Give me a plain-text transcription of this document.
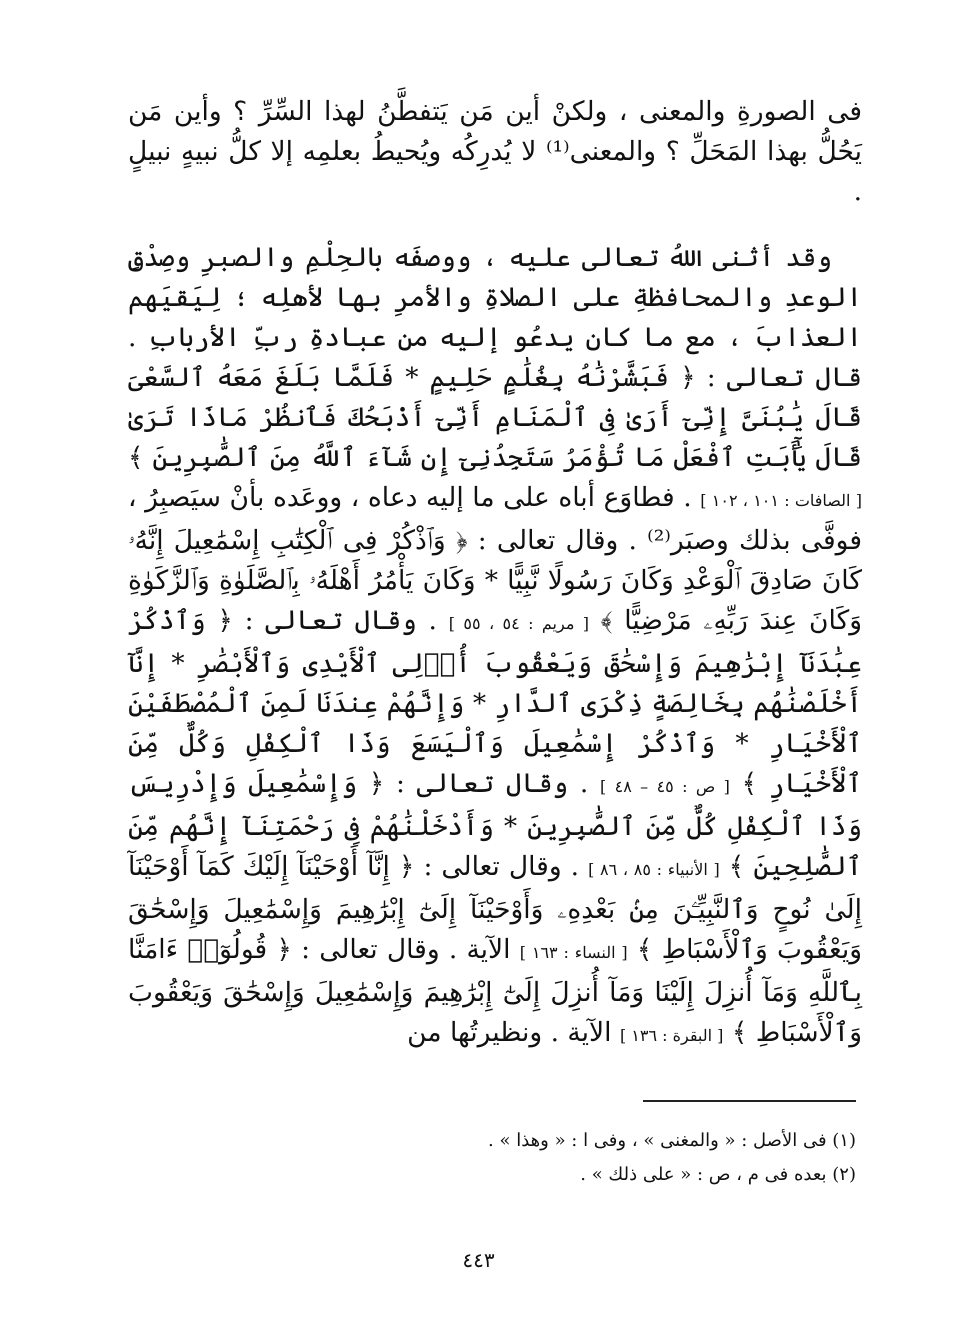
فى الصورةِ والمعنى ، ولكنْ أين مَن يَتفطَّنُ لهذا السِّرِّ ؟ وأين مَن يَحُلُّ بهذا المَحَلِّ ؟ والمعنى⁽¹⁾ لا يُدرِكُه ويُحيطُ بعلمِه إلا كلُّ نبيهٍ نبيلٍ .

وقد أثنى اللهُ تعالى عليه ، ووصفَه بالحِلْمِ والصبرِ وصِدْقِ الوعدِ والمحافظةِ على الصلاةِ والأمرِ بها لأهلِه ؛ لِيَقيَهم العذابَ ، مع ما كان يدعُو إليه من عبادةِ ربِّ الأربابِ . قال تعالى : ﴿ فَبَشَّرْنَٰهُ بِغُلَٰمٍ حَلِيمٍ * فَلَمَّا بَلَغَ مَعَهُ ٱلسَّعْىَ قَالَ يَٰبُنَىَّ إِنِّىٓ أَرَىٰ فِى ٱلْمَنَامِ أَنِّىٓ أَذْبَحُكَ فَٱنظُرْ مَاذَا تَرَىٰ قَالَ يَٰٓأَبَتِ ٱفْعَلْ مَا تُؤْمَرُ سَتَجِدُنِىٓ إِن شَآءَ ٱللَّهُ مِنَ ٱلصَّٰبِرِينَ ﴾ [ الصافات : ١٠١ ، ١٠٢ ] . فطاوَع أباه على ما إليه دعاه ، ووعَده بأنْ سيَصبِرُ ، فوفَّى بذلك وصبَر⁽²⁾ . وقال تعالى : ﴿ وَٱذْكُرْ فِى ٱلْكِتَٰبِ إِسْمَٰعِيلَ إِنَّهُۥ كَانَ صَادِقَ ٱلْوَعْدِ وَكَانَ رَسُولًا نَّبِيًّا * وَكَانَ يَأْمُرُ أَهْلَهُۥ بِٱلصَّلَوٰةِ وَٱلزَّكَوٰةِ وَكَانَ عِندَ رَبِّهِۦ مَرْضِيًّا ﴾ [ مريم : ٥٤ ، ٥٥ ] . وقال تعالى : ﴿ وَٱذْكُرْ عِبَٰدَنَآ إِبْرَٰهِيمَ وَإِسْحَٰقَ وَيَعْقُوبَ أُو۟لِى ٱلْأَيْدِى وَٱلْأَبْصَٰرِ * إِنَّآ أَخْلَصْنَٰهُم بِخَالِصَةٍ ذِكْرَى ٱلدَّارِ * وَإِنَّهُمْ عِندَنَا لَمِنَ ٱلْمُصْطَفَيْنَ ٱلْأَخْيَارِ * وَٱذْكُرْ إِسْمَٰعِيلَ وَٱلْيَسَعَ وَذَا ٱلْكِفْلِ وَكُلٌّ مِّنَ ٱلْأَخْيَارِ ﴾ [ ص : ٤٥ – ٤٨ ] . وقال تعالى : ﴿ وَإِسْمَٰعِيلَ وَإِدْرِيسَ وَذَا ٱلْكِفْلِ كُلٌّ مِّنَ ٱلصَّٰبِرِينَ * وَأَدْخَلْنَٰهُمْ فِى رَحْمَتِنَآ إِنَّهُم مِّنَ ٱلصَّٰلِحِينَ ﴾ [ الأنبياء : ٨٥ ، ٨٦ ] . وقال تعالى : ﴿ إِنَّآ أَوْحَيْنَآ إِلَيْكَ كَمَآ أَوْحَيْنَآ إِلَىٰ نُوحٍ وَٱلنَّبِيِّـۧنَ مِنۢ بَعْدِهِۦ وَأَوْحَيْنَآ إِلَىٰٓ إِبْرَٰهِيمَ وَإِسْمَٰعِيلَ وَإِسْحَٰقَ وَيَعْقُوبَ وَٱلْأَسْبَاطِ ﴾ [ النساء : ١٦٣ ] الآية . وقال تعالى : ﴿ قُولُوٓا۟ ءَامَنَّا بِٱللَّهِ وَمَآ أُنزِلَ إِلَيْنَا وَمَآ أُنزِلَ إِلَىٰٓ إِبْرَٰهِيمَ وَإِسْمَٰعِيلَ وَإِسْحَٰقَ وَيَعْقُوبَ وَٱلْأَسْبَاطِ ﴾ [ البقرة : ١٣٦ ] الآية . ونظيرتُها من

(١) فى الأصل : « والمغنى » ، وفى ا : « وهذا » .

(٢) بعده فى م ، ص : « على ذلك » .

٤٤٣
